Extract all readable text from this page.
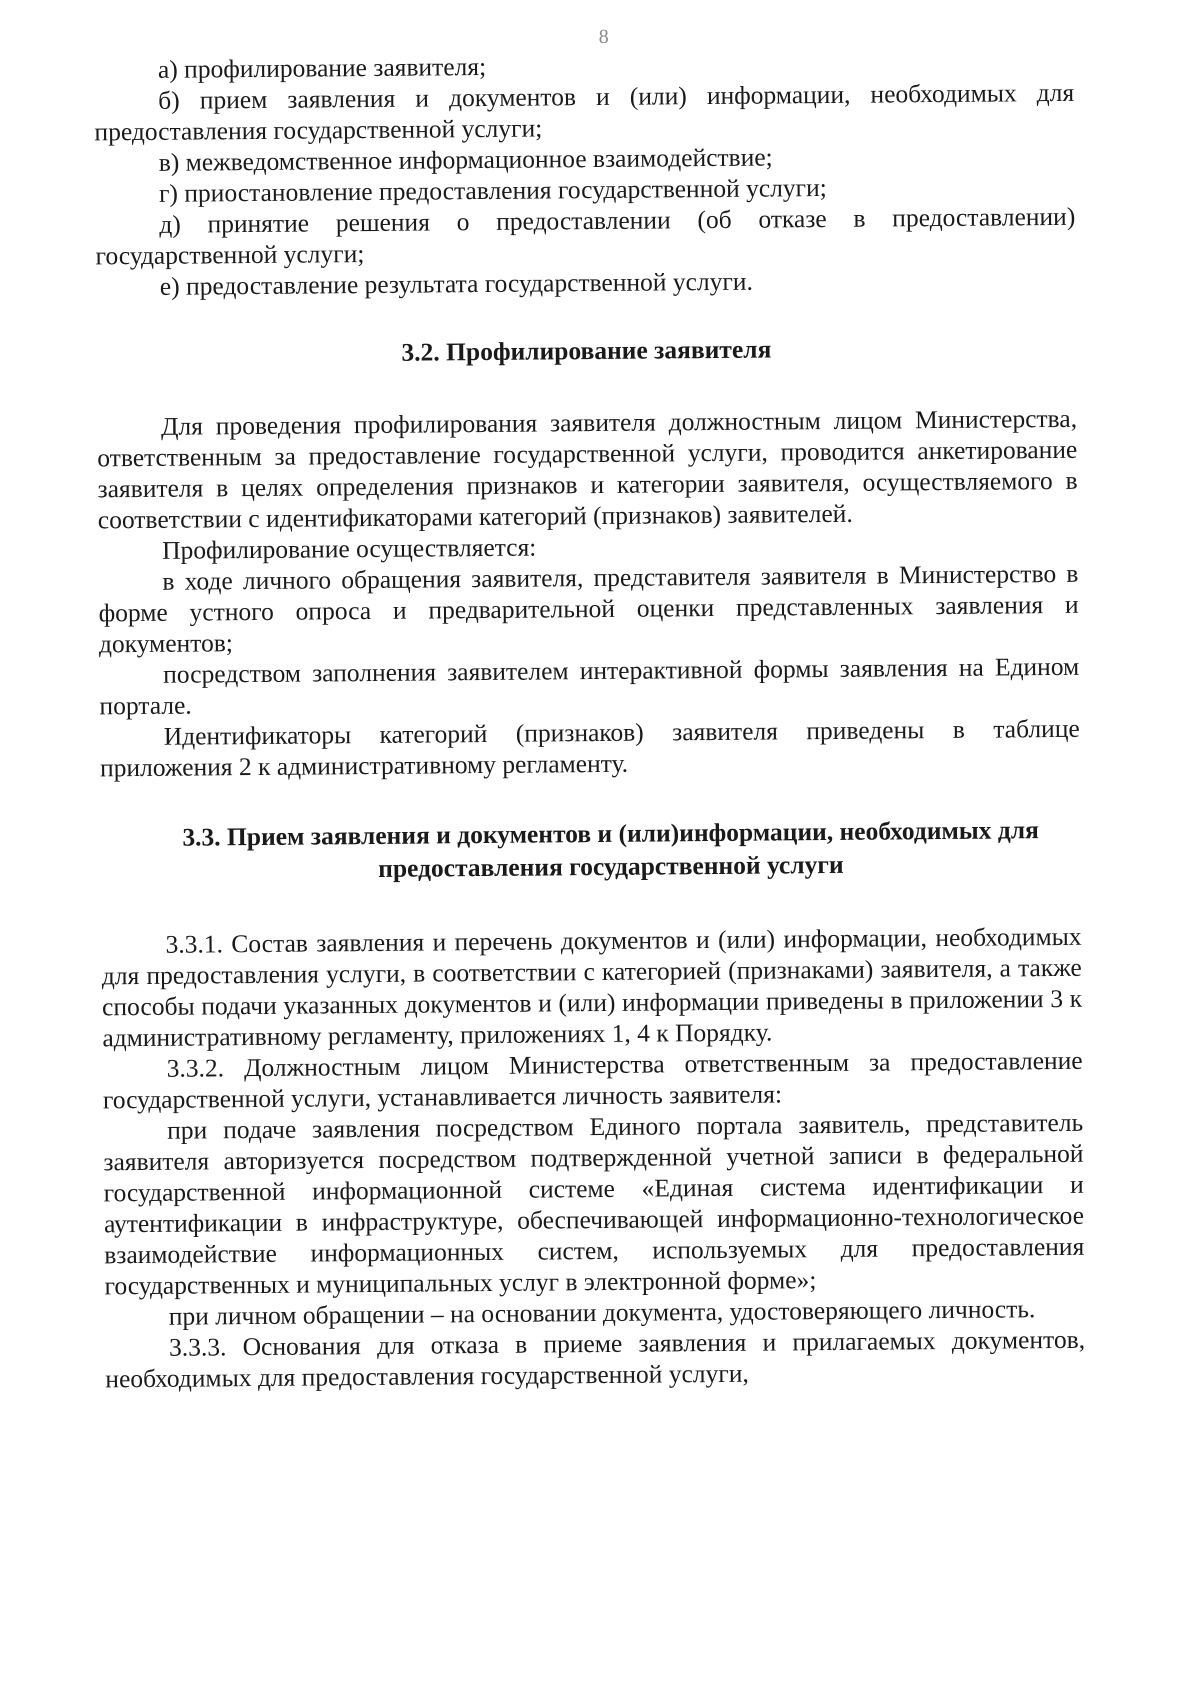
8

а) профилирование заявителя;

б) прием заявления и документов и (или) информации, необходимых для предоставления государственной услуги;

в) межведомственное информационное взаимодействие;

г) приостановление предоставления государственной услуги;

д) принятие решения о предоставлении (об отказе в предоставлении) государственной услуги;

е) предоставление результата государственной услуги.

3.2. Профилирование заявителя

Для проведения профилирования заявителя должностным лицом Министерства, ответственным за предоставление государственной услуги, проводится анкетирование заявителя в целях определения признаков и категории заявителя, осуществляемого в соответствии с идентификаторами категорий (признаков) заявителей.

Профилирование осуществляется:

в ходе личного обращения заявителя, представителя заявителя в Министерство в форме устного опроса и предварительной оценки представленных заявления и документов;

посредством заполнения заявителем интерактивной формы заявления на Едином портале.

Идентификаторы категорий (признаков) заявителя приведены в таблице приложения 2 к административному регламенту.

3.3. Прием заявления и документов и (или)информации, необходимых для
предоставления государственной услуги

3.3.1. Состав заявления и перечень документов и (или) информации, необходимых для предоставления услуги, в соответствии с категорией (признаками) заявителя, а также способы подачи указанных документов и (или) информации приведены в приложении 3 к административному регламенту, приложениях 1, 4 к Порядку.

3.3.2. Должностным лицом Министерства ответственным за предоставление государственной услуги, устанавливается личность заявителя:

при подаче заявления посредством Единого портала заявитель, представитель заявителя авторизуется посредством подтвержденной учетной записи в федеральной государственной информационной системе «Единая система идентификации и аутентификации в инфраструктуре, обеспечивающей информационно-технологическое взаимодействие информационных систем, используемых для предоставления государственных и муниципальных услуг в электронной форме»;

при личном обращении – на основании документа, удостоверяющего личность.

3.3.3. Основания для отказа в приеме заявления и прилагаемых документов, необходимых для предоставления государственной услуги,
